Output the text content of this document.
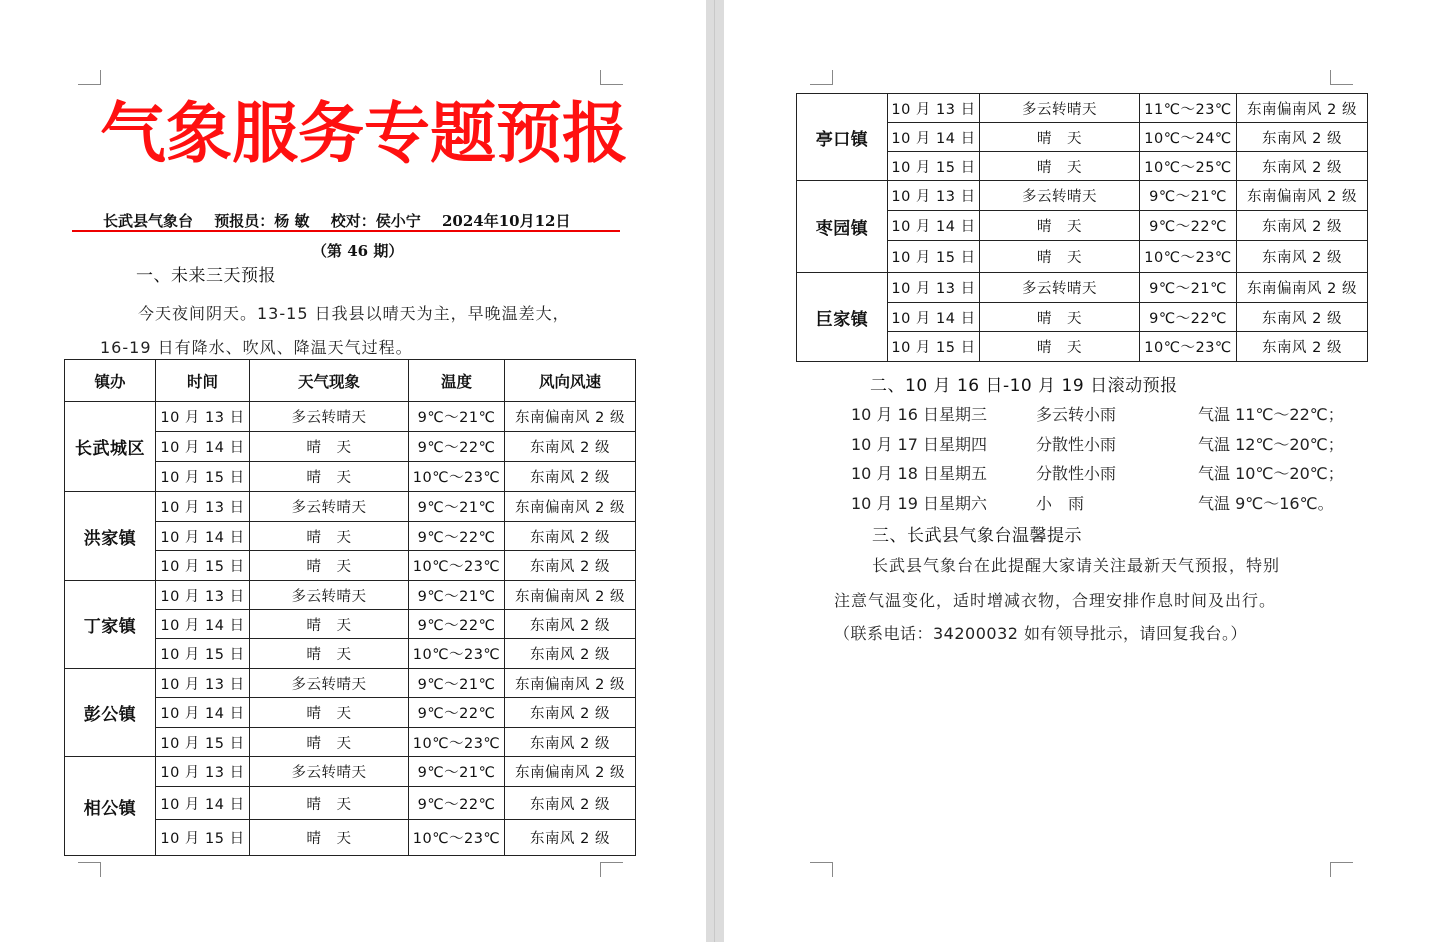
气象服务专题预报
长武县气象台 预报员：杨 敏 校对：侯小宁 2024年10月12日
（第 46 期）
一、未来三天预报
今天夜间阴天。13-15 日我县以晴天为主，早晚温差大，
16-19 日有降水、吹风、降温天气过程。
镇办	时间	天气现象	温度	风向风速
长武城区	10 月 13 日	多云转晴天	9℃～21℃	东南偏南风 2 级
	10 月 14 日	晴　天	9℃～22℃	东南风 2 级
	10 月 15 日	晴　天	10℃～23℃	东南风 2 级
洪家镇	10 月 13 日	多云转晴天	9℃～21℃	东南偏南风 2 级
	10 月 14 日	晴　天	9℃～22℃	东南风 2 级
	10 月 15 日	晴　天	10℃～23℃	东南风 2 级
丁家镇	10 月 13 日	多云转晴天	9℃～21℃	东南偏南风 2 级
	10 月 14 日	晴　天	9℃～22℃	东南风 2 级
	10 月 15 日	晴　天	10℃～23℃	东南风 2 级
彭公镇	10 月 13 日	多云转晴天	9℃～21℃	东南偏南风 2 级
	10 月 14 日	晴　天	9℃～22℃	东南风 2 级
	10 月 15 日	晴　天	10℃～23℃	东南风 2 级
相公镇	10 月 13 日	多云转晴天	9℃～21℃	东南偏南风 2 级
	10 月 14 日	晴　天	9℃～22℃	东南风 2 级
	10 月 15 日	晴　天	10℃～23℃	东南风 2 级
亭口镇	10 月 13 日	多云转晴天	11℃～23℃	东南偏南风 2 级
	10 月 14 日	晴　天	10℃～24℃	东南风 2 级
	10 月 15 日	晴　天	10℃～25℃	东南风 2 级
枣园镇	10 月 13 日	多云转晴天	9℃～21℃	东南偏南风 2 级
	10 月 14 日	晴　天	9℃～22℃	东南风 2 级
	10 月 15 日	晴　天	10℃～23℃	东南风 2 级
巨家镇	10 月 13 日	多云转晴天	9℃～21℃	东南偏南风 2 级
	10 月 14 日	晴　天	9℃～22℃	东南风 2 级
	10 月 15 日	晴　天	10℃～23℃	东南风 2 级
二、10 月 16 日-10 月 19 日滚动预报
10 月 16 日星期三	多云转小雨	气温 11℃～22℃；
10 月 17 日星期四	分散性小雨	气温 12℃～20℃；
10 月 18 日星期五	分散性小雨	气温 10℃～20℃；
10 月 19 日星期六	小　雨	气温 9℃～16℃。
三、长武县气象台温馨提示
长武县气象台在此提醒大家请关注最新天气预报，特别
注意气温变化，适时增减衣物，合理安排作息时间及出行。
（联系电话：34200032 如有领导批示，请回复我台。）
